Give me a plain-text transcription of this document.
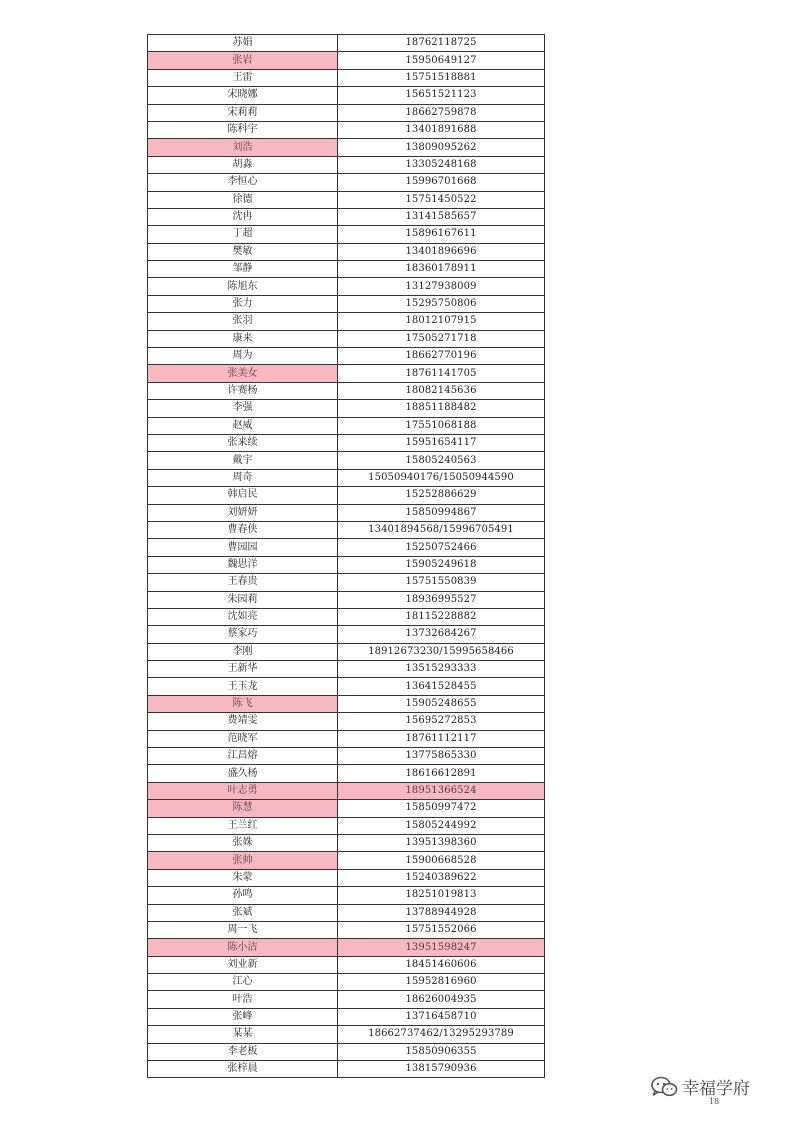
苏娟	18762118725
张岩	15950649127
王雷	15751518881
宋晓娜	15651521123
宋莉莉	18662759878
陈科宇	13401891688
刘浩	13809095262
胡淼	13305248168
李恒心	15996701668
徐德	15751450522
沈冉	13141585657
丁超	15896167611
樊敏	13401896696
邹静	18360178911
陈旭东	13127938009
张力	15295750806
张羽	18012107915
康来	17505271718
周为	18662770196
张美女	18761141705
许赛杨	18082145636
李强	18851188482
赵威	17551068188
张来续	15951654117
戴宇	15805240563
周奇	15050940176/15050944590
韩启民	15252886629
刘妍妍	15850994867
曹春侠	13401894568/15996705491
曹园园	15250752466
魏思洋	15905249618
王春贵	15751550839
朱园莉	18936995527
沈如亮	18115228882
蔡家巧	13732684267
李刚	18912673230/15995658466
王新华	13515293333
王玉龙	13641528455
陈飞	15905248655
费靖雯	15695272853
范晓军	18761112117
江昌熔	13775865330
盛久杨	18616612891
叶志勇	18951366524
陈慧	15850997472
王兰红	15805244992
张姝	13951398360
张帅	15900668528
朱蒙	15240389622
孙鸣	18251019813
张斌	13788944928
周一飞	15751552066
陈小洁	13951598247
刘业新	18451460606
江心	15952816960
叶浩	18626004935
张峰	13716458710
某某	18662737462/13295293789
李老板	15850906355
张梓晨	13815790936
幸福学府
18
